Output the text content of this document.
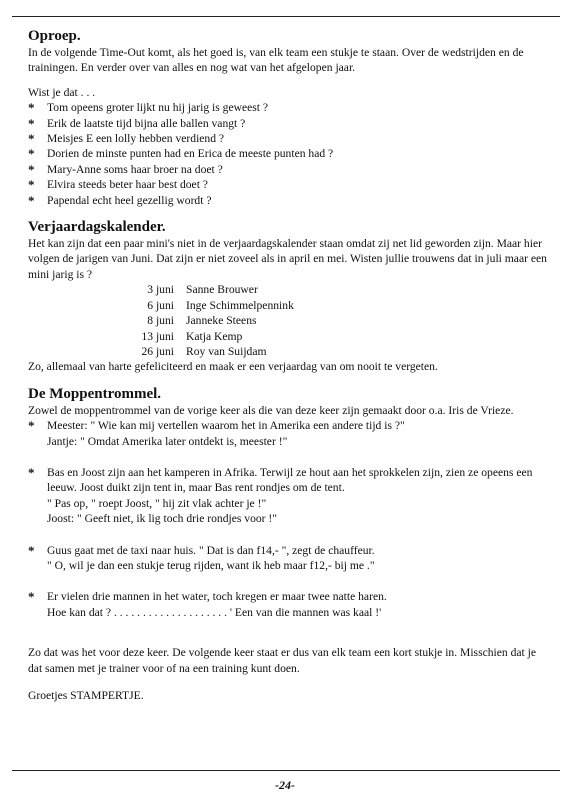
Oproep.

In de volgende Time-Out komt, als het goed is, van elk team een stukje te staan. Over de wedstrijden en de trainingen. En verder over van alles en nog wat van het afgelopen jaar.

Wist je dat . . .

* Tom opeens groter lijkt nu hij jarig is geweest ?
* Erik de laatste tijd bijna alle ballen vangt ?
* Meisjes E een lolly hebben verdiend ?
* Dorien de minste punten had en Erica de meeste punten had ?
* Mary-Anne soms haar broer na doet ?
* Elvira steeds beter haar best doet ?
* Papendal echt heel gezellig wordt ?
Verjaardagskalender.

Het kan zijn dat een paar mini's niet in de verjaardagskalender staan omdat zij net lid geworden zijn. Maar hier volgen de jarigen van Juni. Dat zijn er niet zoveel als in april en mei. Wisten jullie trouwens dat in juli maar een mini jarig is ?

3 juni	Sanne Brouwer
6 juni	Inge Schimmelpennink
8 juni	Janneke Steens
13 juni	Katja Kemp
26 juni	Roy van Suijdam

Zo, allemaal van harte gefeliciteerd en maak er een verjaardag van om nooit te vergeten.

De Moppentrommel.

Zowel de moppentrommel van de vorige keer als die van deze keer zijn gemaakt door o.a. Iris de Vrieze.

* Meester: " Wie kan mij vertellen waarom het in Amerika een andere tijd is ?"

Jantje: " Omdat Amerika later ontdekt is, meester !"

* Bas en Joost zijn aan het kamperen in Afrika. Terwijl ze hout aan het sprokkelen zijn, zien ze opeens een leeuw. Joost duikt zijn tent in, maar Bas rent rondjes om de tent.

" Pas op, " roept Joost, " hij zit vlak achter je !"

Joost: " Geeft niet, ik lig toch drie rondjes voor !"

* Guus gaat met de taxi naar huis. " Dat is dan f14,- ", zegt de chauffeur.

" O, wil je dan een stukje terug rijden, want ik heb maar f12,- bij me ."

* Er vielen drie mannen in het water, toch kregen er maar twee natte haren.

Hoe kan dat ? . . . . . . . . . . . . . . . . . . . . ' Een van die mannen was kaal !'

Zo dat was het voor deze keer. De volgende keer staat er dus van elk team een kort stukje in. Misschien dat je dat samen met je trainer voor of na een training kunt doen.

Groetjes STAMPERTJE.

-24-
